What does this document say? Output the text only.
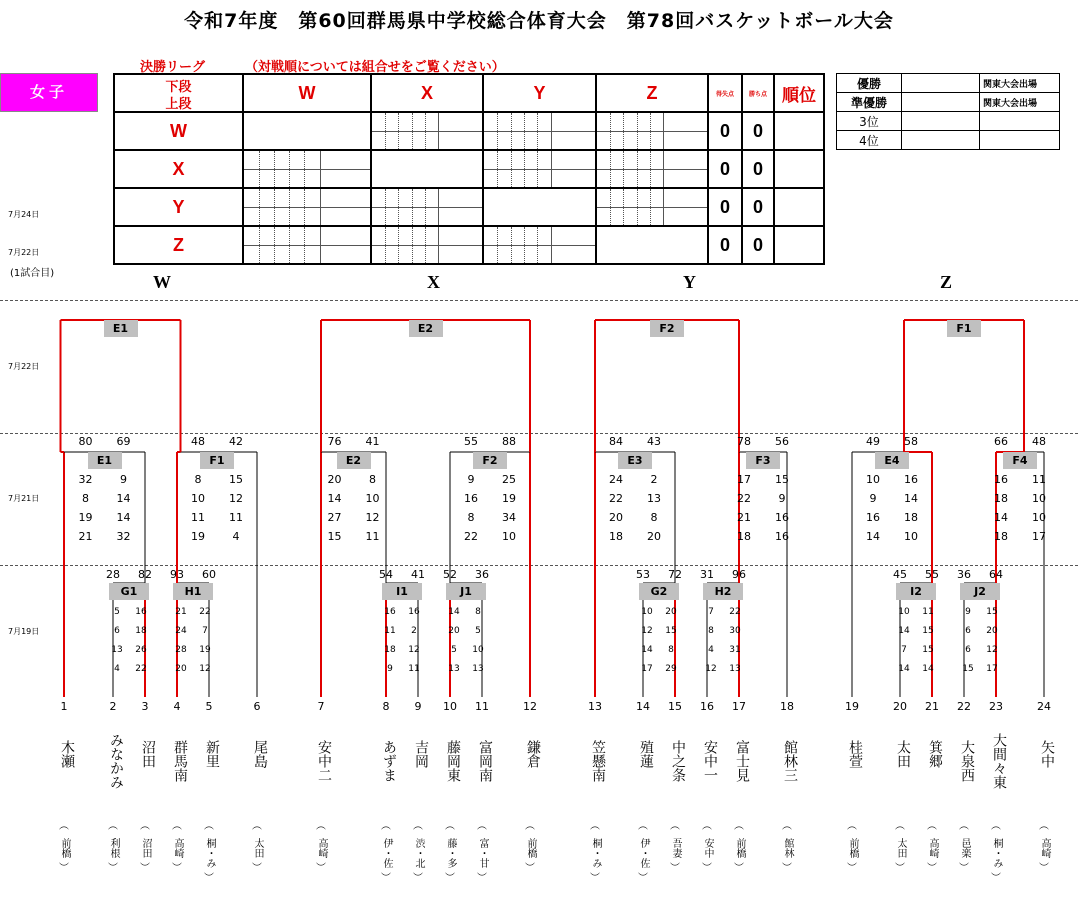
令和7年度　第60回群馬県中学校総合体育大会　第78回バスケットボール大会
決勝リーグ	（対戦順については組合せをご覧ください）
女子	下段
上段	W	X	Y	Z	得失点	勝ち点	順位
W					0	0	
X					0	0	
Y					0	0	
Z					0	0	
優勝		関東大会出場
準優勝		関東大会出場
3位		
4位		
7月24日
7月22日
(1試合目)
7月22日
7月21日
7月19日
W	X	Y	Z
G1
28	82
5	16
6	18
13 26
4	22
H1
93	60
21 22
24	7
28 19
20 12
I1
54	41
16 16
11	2
18 12
9	11
J1
52	36
14	8
20	5
5	10
13 13
G2
53	72
10 20
12 15
14	8
17 29
H2
31	96
7	22
8	30
4	31
12 13
I2
45	55
10 11
14 15
7	15
14 14
J2
36	64
9	15
6	20
6	12
15 17
E1
80	69
32	9
8	14
19	14
21	32
F1
48	42
8	15
10	12
11	11
19	4
E2
76	41
20	8
14	10
27	12
15	11
F2
55	88
9	25
16	19
8	34
22	10
E3
84	43
24	2
22	13
20	8
18	20
F3
78	56
17	15
22	9
21	16
18	16
E4
49	58
10	16
9	14
16	18
14	10
F4
66	48
16	11
18	10
14	10
18	17
E1	E2	F2	F1
1
木瀬
︵
前橋
︶
2
みなかみ
︵
利根
︶
3
沼田
︵
沼田
︶
4
群馬南
︵
高崎
︶
5
新里
︵
桐・み
︶
6
尾島
︵
太田
︶
7
安中二
︵
高崎
︶
8
あずま
︵
伊・佐
︶
9
吉岡
︵
渋・北
︶
10
藤岡東
︵
藤・多
︶
11
富岡南
︵
富・甘
︶
12
鎌倉
︵
前橋
︶
13
笠懸南
︵
桐・み
︶
14
殖蓮
︵
伊・佐
︶
15
中之条
︵
吾妻
︶
16
安中一
︵
安中
︶
17
富士見
︵
前橋
︶
18
館林三
︵
館林
︶
19
桂萱
︵
前橋
︶
20
太田
︵
太田
︶
21
箕郷
︵
高崎
︶
22
大泉西
︵
邑楽
︶
23
大間々東
︵
桐・み
︶
24
矢中
︵
高崎
︶
